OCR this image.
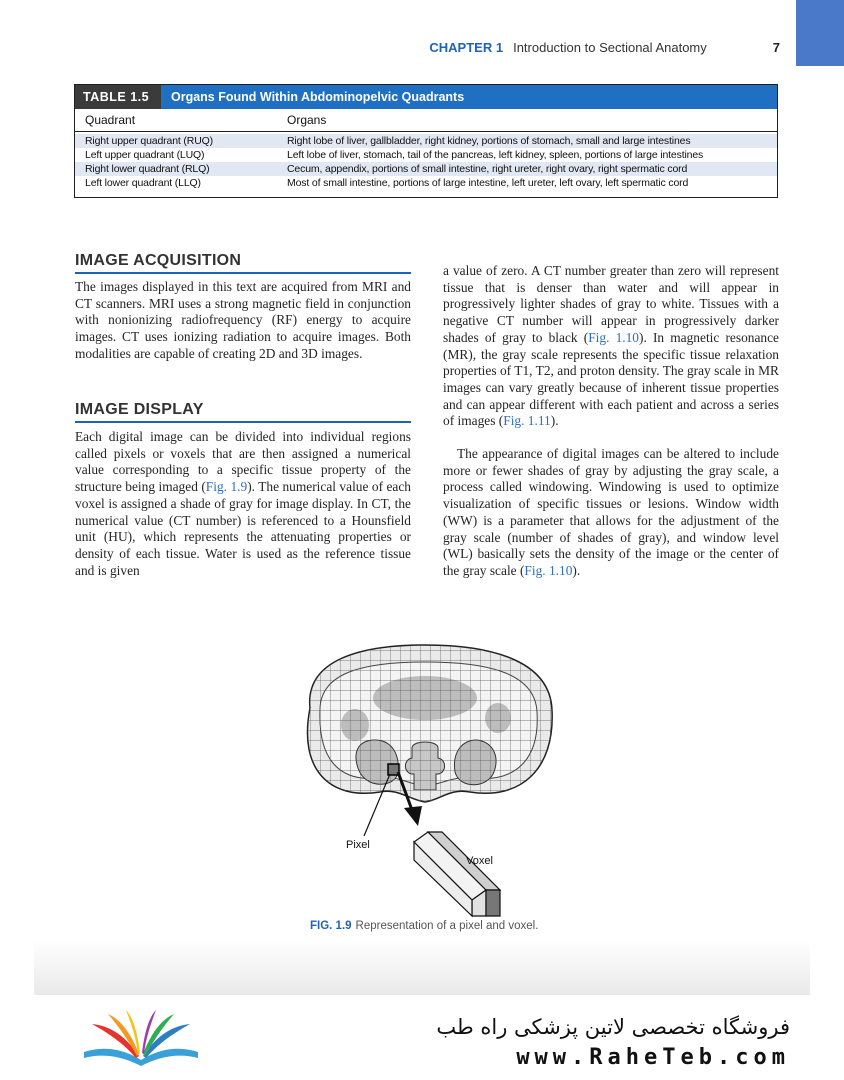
CHAPTER 1 Introduction to Sectional Anatomy	7
TABLE 1.5	Organs Found Within Abdominopelvic Quadrants
Quadrant	Organs
Right upper quadrant (RUQ)	Right lobe of liver, gallbladder, right kidney, portions of stomach, small and large intestines
Left upper quadrant (LUQ)	Left lobe of liver, stomach, tail of the pancreas, left kidney, spleen, portions of large intestines
Right lower quadrant (RLQ)	Cecum, appendix, portions of small intestine, right ureter, right ovary, right spermatic cord
Left lower quadrant (LLQ)	Most of small intestine, portions of large intestine, left ureter, left ovary, left spermatic cord
IMAGE ACQUISITION

The images displayed in this text are acquired from MRI and CT scanners. MRI uses a strong magnetic field in conjunction with nonionizing radiofrequency (RF) energy to acquire images. CT uses ionizing radiation to acquire images. Both modalities are capable of creating 2D and 3D images.

IMAGE DISPLAY

Each digital image can be divided into individual regions called pixels or voxels that are then assigned a numerical value corresponding to a specific tissue property of the structure being imaged (Fig. 1.9). The numerical value of each voxel is assigned a shade of gray for image display. In CT, the numerical value (CT number) is referenced to a Hounsfield unit (HU), which represents the attenuating properties or density of each tissue. Water is used as the reference tissue and is given

a value of zero. A CT number greater than zero will represent tissue that is denser than water and will appear in progressively lighter shades of gray to white. Tissues with a negative CT number will appear in progressively darker shades of gray to black (Fig. 1.10). In magnetic resonance (MR), the gray scale represents the specific tissue relaxation properties of T1, T2, and proton density. The gray scale in MR images can vary greatly because of inherent tissue properties and can appear different with each patient and across a series of images (Fig. 1.11).

The appearance of digital images can be altered to include more or fewer shades of gray by adjusting the gray scale, a process called windowing. Windowing is used to optimize visualization of specific tissues or lesions. Window width (WW) is a parameter that allows for the adjustment of the gray scale (number of shades of gray), and window level (WL) basically sets the density of the image or the center of the gray scale (Fig. 1.10).

Pixel
Voxel
FIG. 1.9 Representation of a pixel and voxel.
فروشگاه تخصصی لاتین پزشکی راه طب
www.RaheTeb.com
